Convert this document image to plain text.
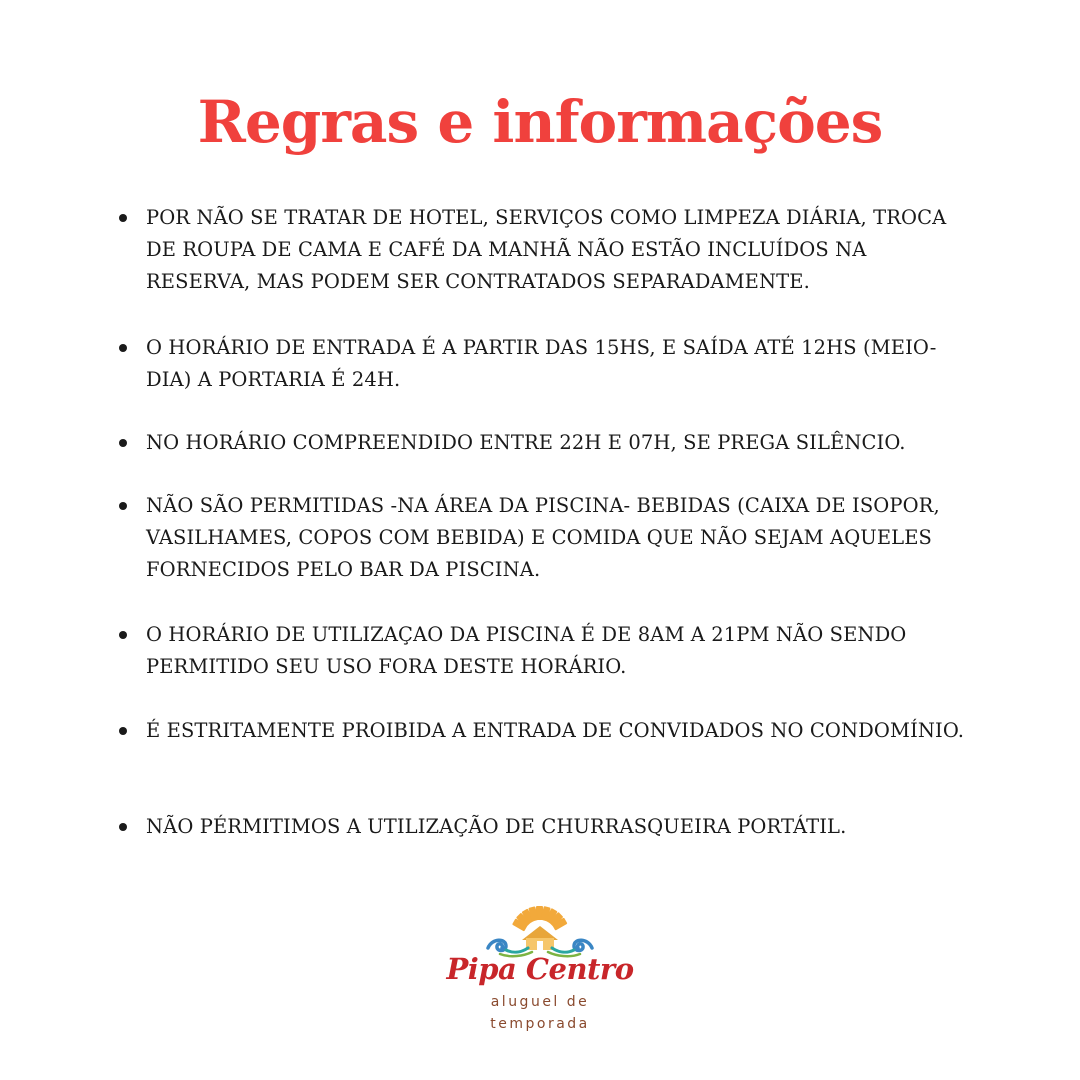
Regras e informações
POR NÃO SE TRATAR DE HOTEL, SERVIÇOS COMO LIMPEZA DIÁRIA, TROCA DE ROUPA DE CAMA E CAFÉ DA MANHÃ NÃO ESTÃO INCLUÍDOS NA RESERVA, MAS PODEM SER CONTRATADOS SEPARADAMENTE.
O HORÁRIO DE ENTRADA É A PARTIR DAS 15HS, E SAÍDA ATÉ 12HS (MEIO-DIA) A PORTARIA É 24H.
NO HORÁRIO COMPREENDIDO ENTRE 22H E 07H, SE PREGA SILÊNCIO.
NÃO SÃO PERMITIDAS -NA ÁREA DA PISCINA- BEBIDAS (CAIXA DE ISOPOR, VASILHAMES, COPOS COM BEBIDA) E COMIDA QUE NÃO SEJAM AQUELES FORNECIDOS PELO BAR DA PISCINA.
O HORÁRIO DE UTILIZAÇAO DA PISCINA É DE 8AM A 21PM NÃO SENDO PERMITIDO SEU USO FORA DESTE HORÁRIO.
É ESTRITAMENTE PROIBIDA A ENTRADA DE CONVIDADOS NO CONDOMÍNIO.
NÃO PÉRMITIMOS A UTILIZAÇÃO DE CHURRASQUEIRA PORTÁTIL.
Pipa Centro
aluguel de
temporada
